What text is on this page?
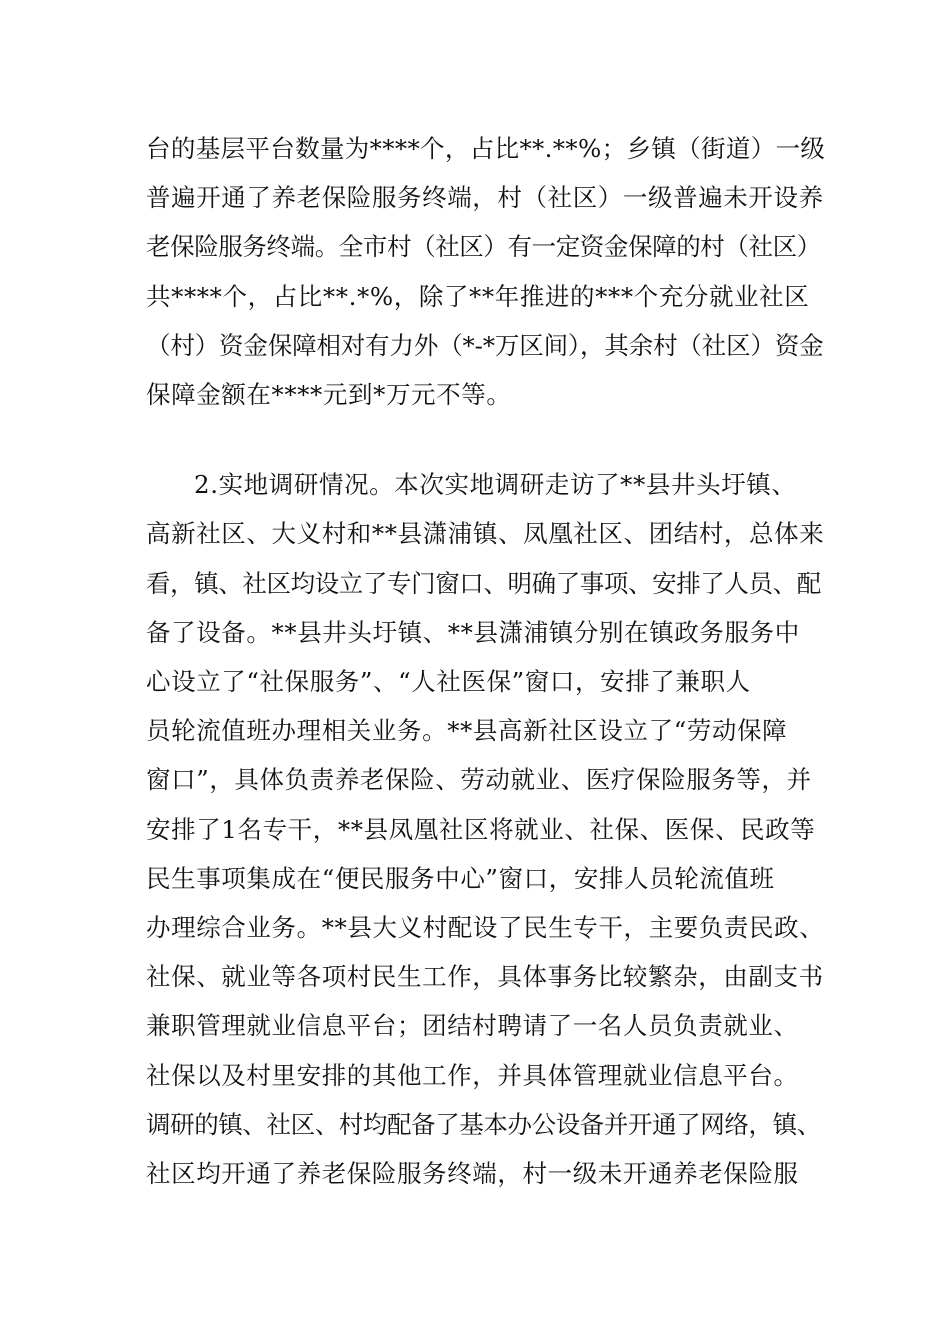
台的基层平台数量为****个，占比**.**%；乡镇（街道）一级
普遍开通了养老保险服务终端，村（社区）一级普遍未开设养
老保险服务终端。全市村（社区）有一定资金保障的村（社区）
共****个，占比**.*%，除了**年推进的***个充分就业社区
（村）资金保障相对有力外（*-*万区间），其余村（社区）资金
保障金额在****元到*万元不等。
2.实地调研情况。本次实地调研走访了**县井头圩镇、
高新社区、大义村和**县潇浦镇、凤凰社区、团结村，总体来
看，镇、社区均设立了专门窗口、明确了事项、安排了人员、配
备了设备。**县井头圩镇、**县潇浦镇分别在镇政务服务中
心设立了“社保服务”、“人社医保”窗口，安排了兼职人
员轮流值班办理相关业务。**县高新社区设立了“劳动保障
窗口”，具体负责养老保险、劳动就业、医疗保险服务等，并
安排了1名专干，**县凤凰社区将就业、社保、医保、民政等
民生事项集成在“便民服务中心”窗口，安排人员轮流值班
办理综合业务。**县大义村配设了民生专干，主要负责民政、
社保、就业等各项村民生工作，具体事务比较繁杂，由副支书
兼职管理就业信息平台；团结村聘请了一名人员负责就业、
社保以及村里安排的其他工作，并具体管理就业信息平台。
调研的镇、社区、村均配备了基本办公设备并开通了网络，镇、
社区均开通了养老保险服务终端，村一级未开通养老保险服
